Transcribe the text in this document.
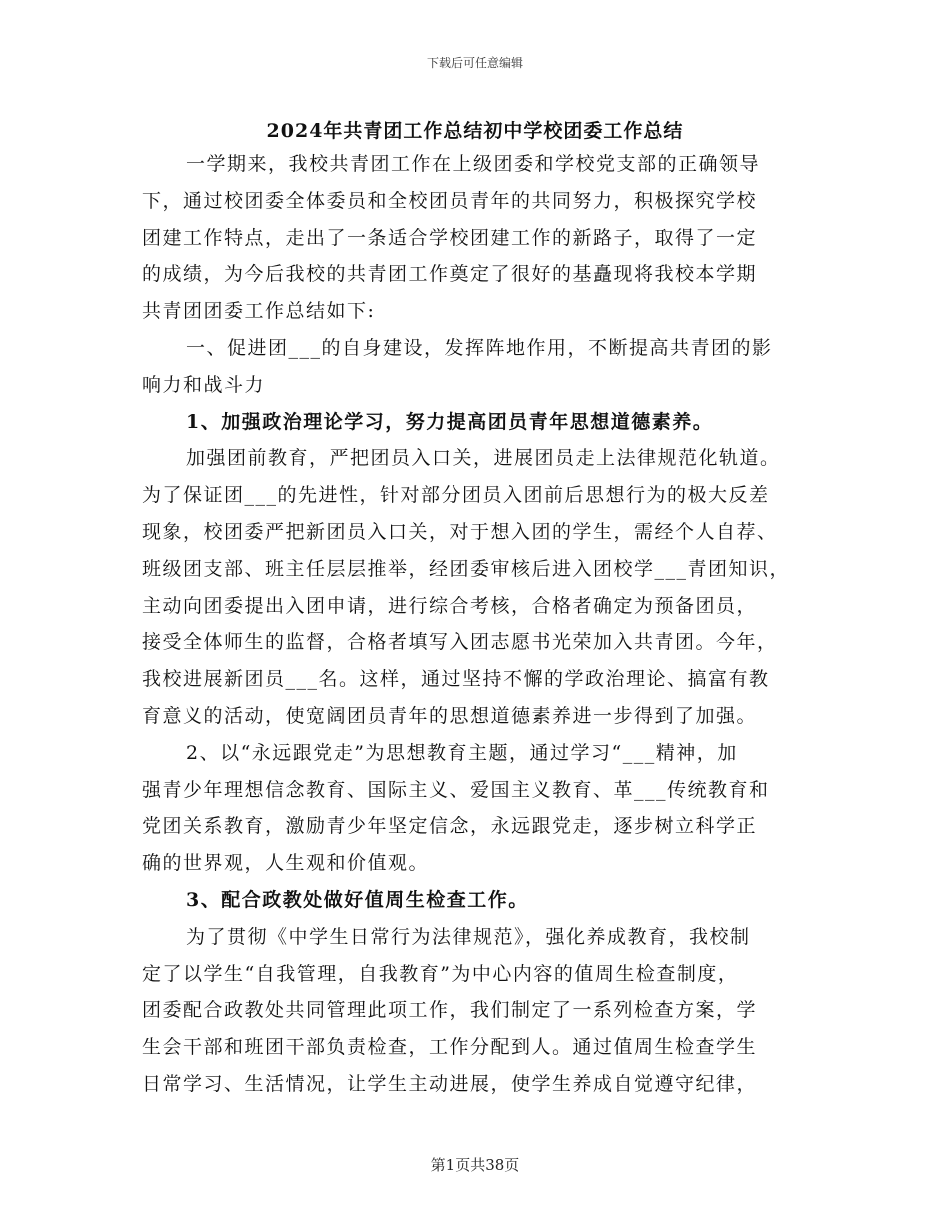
下载后可任意编辑
2024年共青团工作总结初中学校团委工作总结
一学期来，我校共青团工作在上级团委和学校党支部的正确领导
下，通过校团委全体委员和全校团员青年的共同努力，积极探究学校
团建工作特点，走出了一条适合学校团建工作的新路子，取得了一定
的成绩，为今后我校的共青团工作奠定了很好的基矗现将我校本学期
共青团团委工作总结如下:
一、促进团___的自身建设，发挥阵地作用，不断提高共青团的影
响力和战斗力
1、加强政治理论学习，努力提高团员青年思想道德素养。
加强团前教育，严把团员入口关，进展团员走上法律规范化轨道。
为了保证团___的先进性，针对部分团员入团前后思想行为的极大反差
现象，校团委严把新团员入口关，对于想入团的学生，需经个人自荐、
班级团支部、班主任层层推举，经团委审核后进入团校学___青团知识，
主动向团委提出入团申请，进行综合考核，合格者确定为预备团员，
接受全体师生的监督，合格者填写入团志愿书光荣加入共青团。今年，
我校进展新团员___名。这样，通过坚持不懈的学政治理论、搞富有教
育意义的活动，使宽阔团员青年的思想道德素养进一步得到了加强。
2、以“永远跟党走”为思想教育主题，通过学习“___精神，加
强青少年理想信念教育、国际主义、爱国主义教育、革___传统教育和
党团关系教育，激励青少年坚定信念，永远跟党走，逐步树立科学正
确的世界观，人生观和价值观。
3、配合政教处做好值周生检查工作。
为了贯彻《中学生日常行为法律规范》，强化养成教育，我校制
定了以学生“自我管理，自我教育”为中心内容的值周生检查制度，
团委配合政教处共同管理此项工作，我们制定了一系列检查方案，学
生会干部和班团干部负责检查，工作分配到人。通过值周生检查学生
日常学习、生活情况，让学生主动进展，使学生养成自觉遵守纪律，
第1页共38页
